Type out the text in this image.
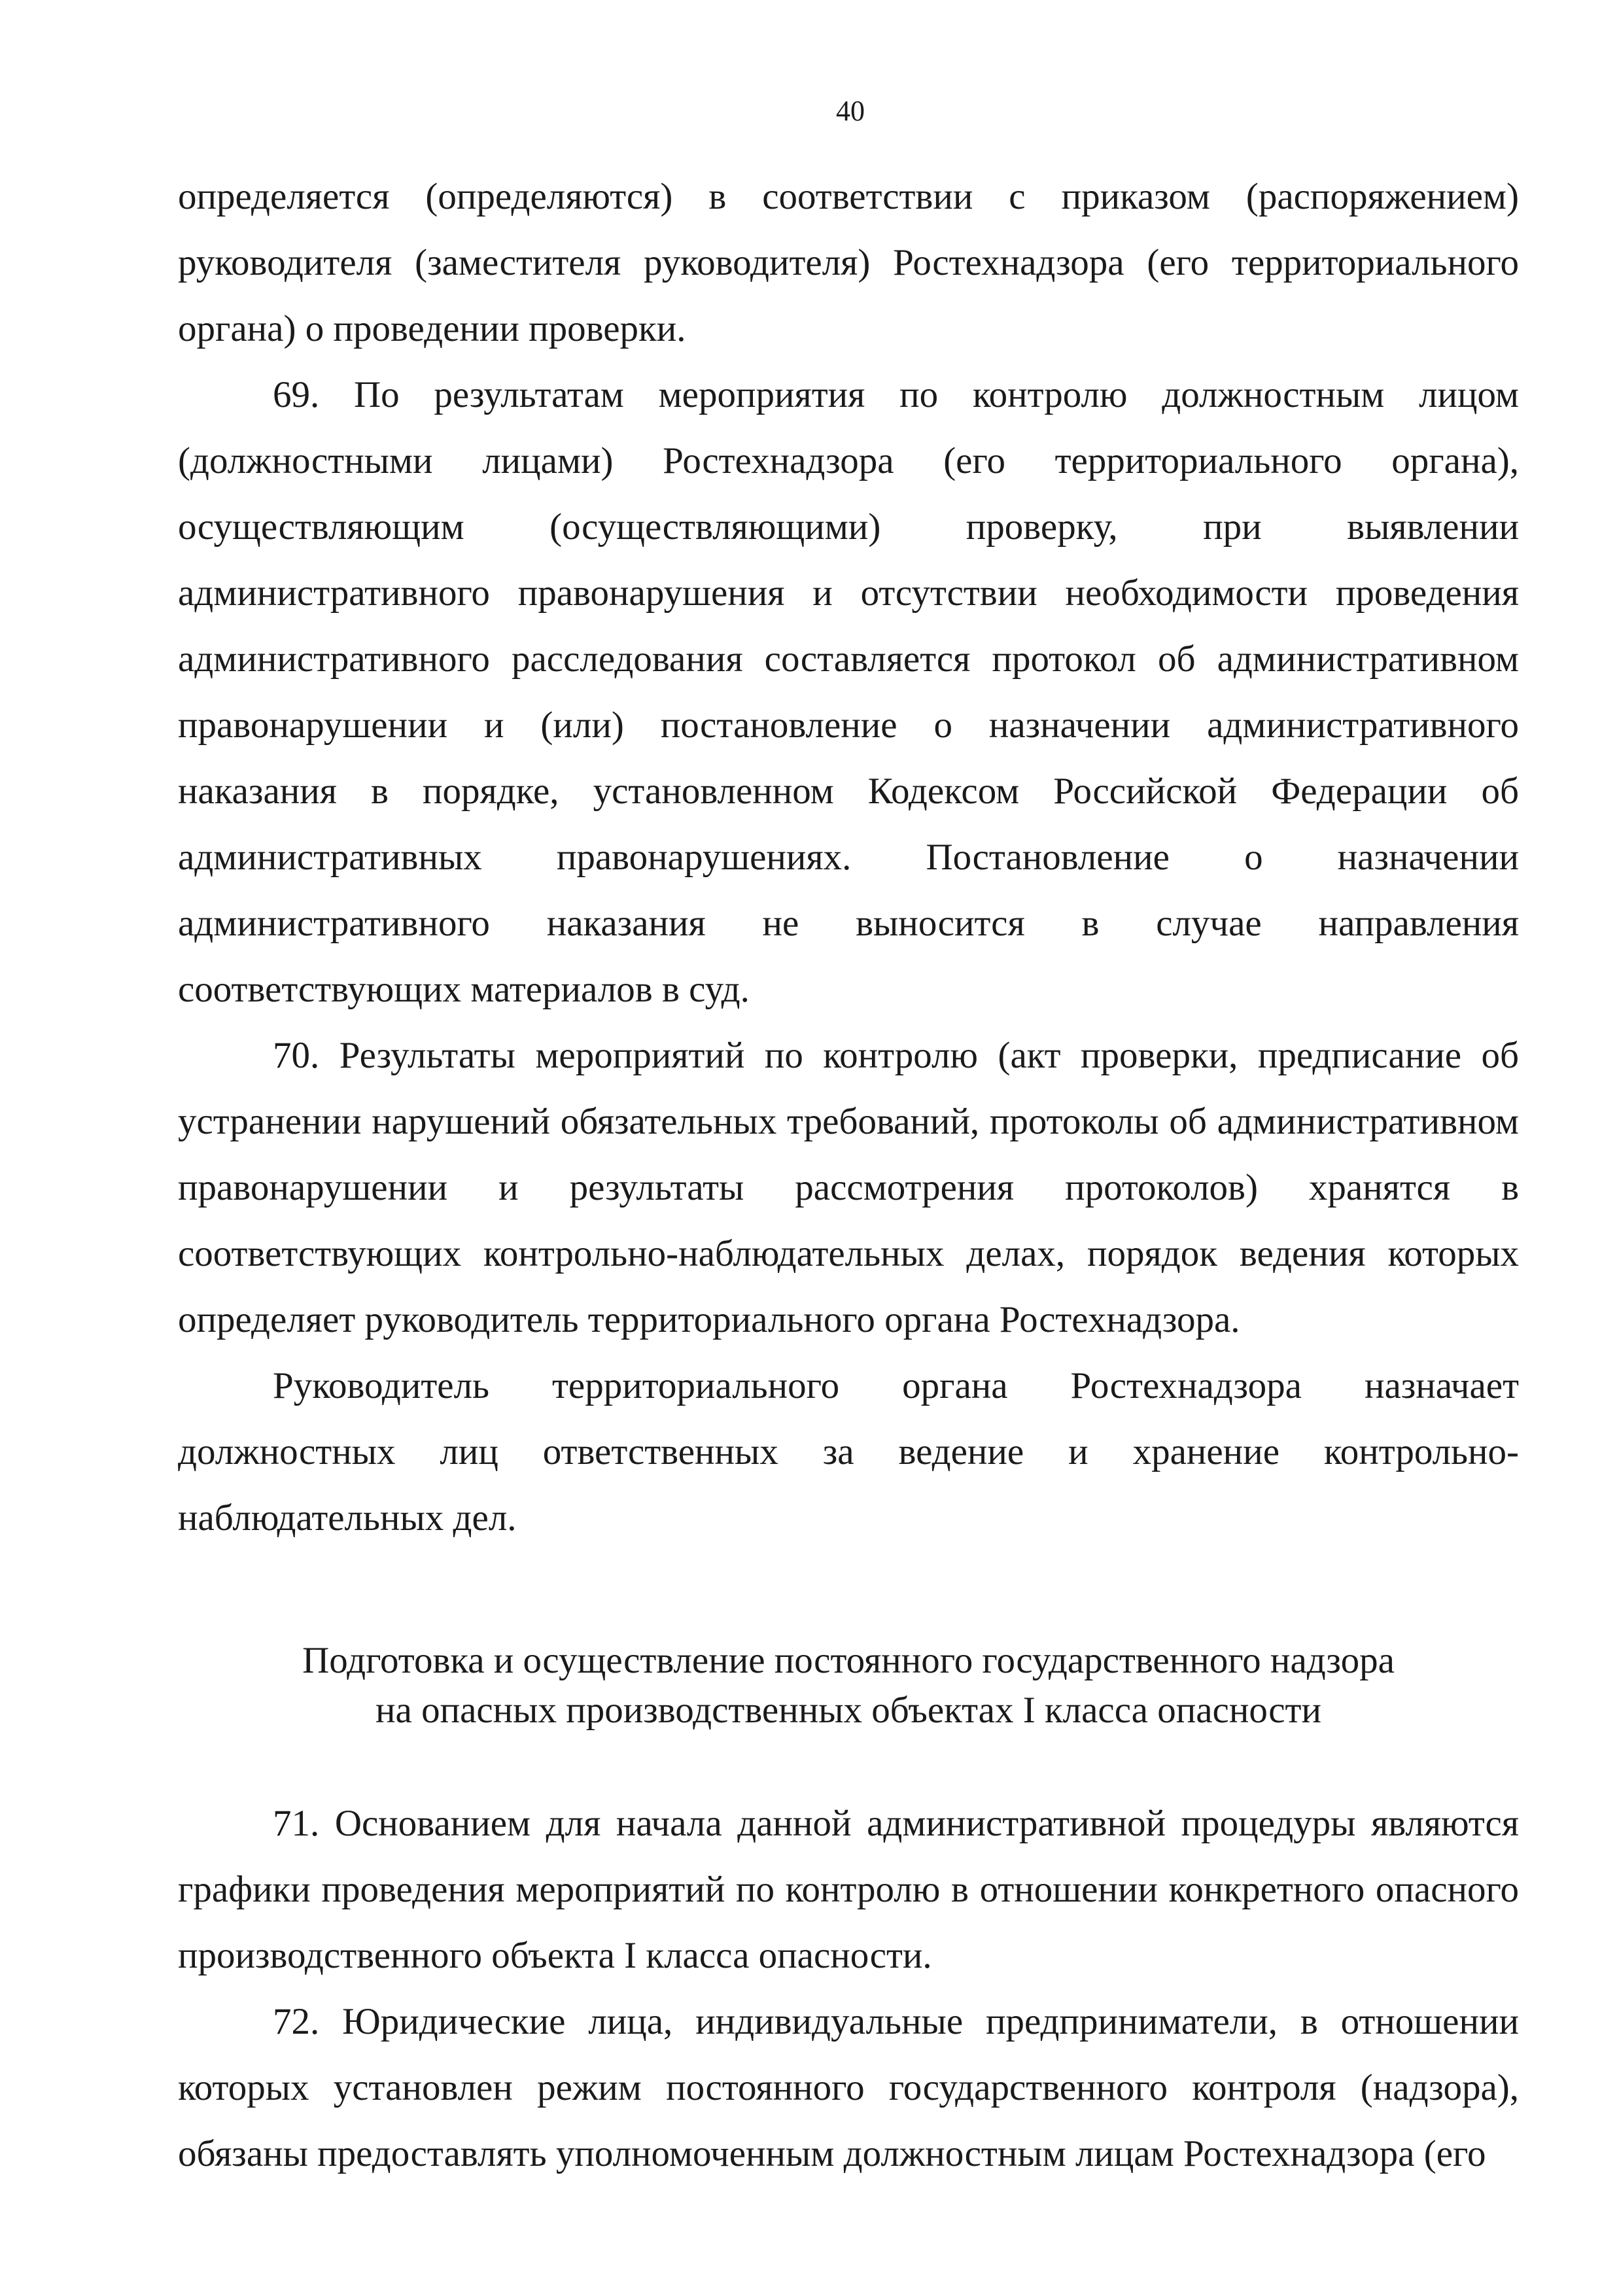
40

определяется (определяются) в соответствии с приказом (распоряжением) руководителя (заместителя руководителя) Ростехнадзора (его территориального органа) о проведении проверки.

69. По результатам мероприятия по контролю должностным лицом (должностными лицами) Ростехнадзора (его территориального органа), осуществляющим (осуществляющими) проверку, при выявлении административного правонарушения и отсутствии необходимости проведения административного расследования составляется протокол об административном правонарушении и (или) постановление о назначении административного наказания в порядке, установленном Кодексом Российской Федерации об административных правонарушениях. Постановление о назначении административного наказания не выносится в случае направления соответствующих материалов в суд.

70. Результаты мероприятий по контролю (акт проверки, предписание об устранении нарушений обязательных требований, протоколы об административном правонарушении и результаты рассмотрения протоколов) хранятся в соответствующих контрольно-наблюдательных делах, порядок ведения которых определяет руководитель территориального органа Ростехнадзора.

Руководитель территориального органа Ростехнадзора назначает должностных лиц ответственных за ведение и хранение контрольно-наблюдательных дел.

Подготовка и осуществление постоянного государственного надзора
на опасных производственных объектах I класса опасности

71. Основанием для начала данной административной процедуры являются графики проведения мероприятий по контролю в отношении конкретного опасного производственного объекта I класса опасности.

72. Юридические лица, индивидуальные предприниматели, в отношении которых установлен режим постоянного государственного контроля (надзора), обязаны предоставлять уполномоченным должностным лицам Ростехнадзора (его
